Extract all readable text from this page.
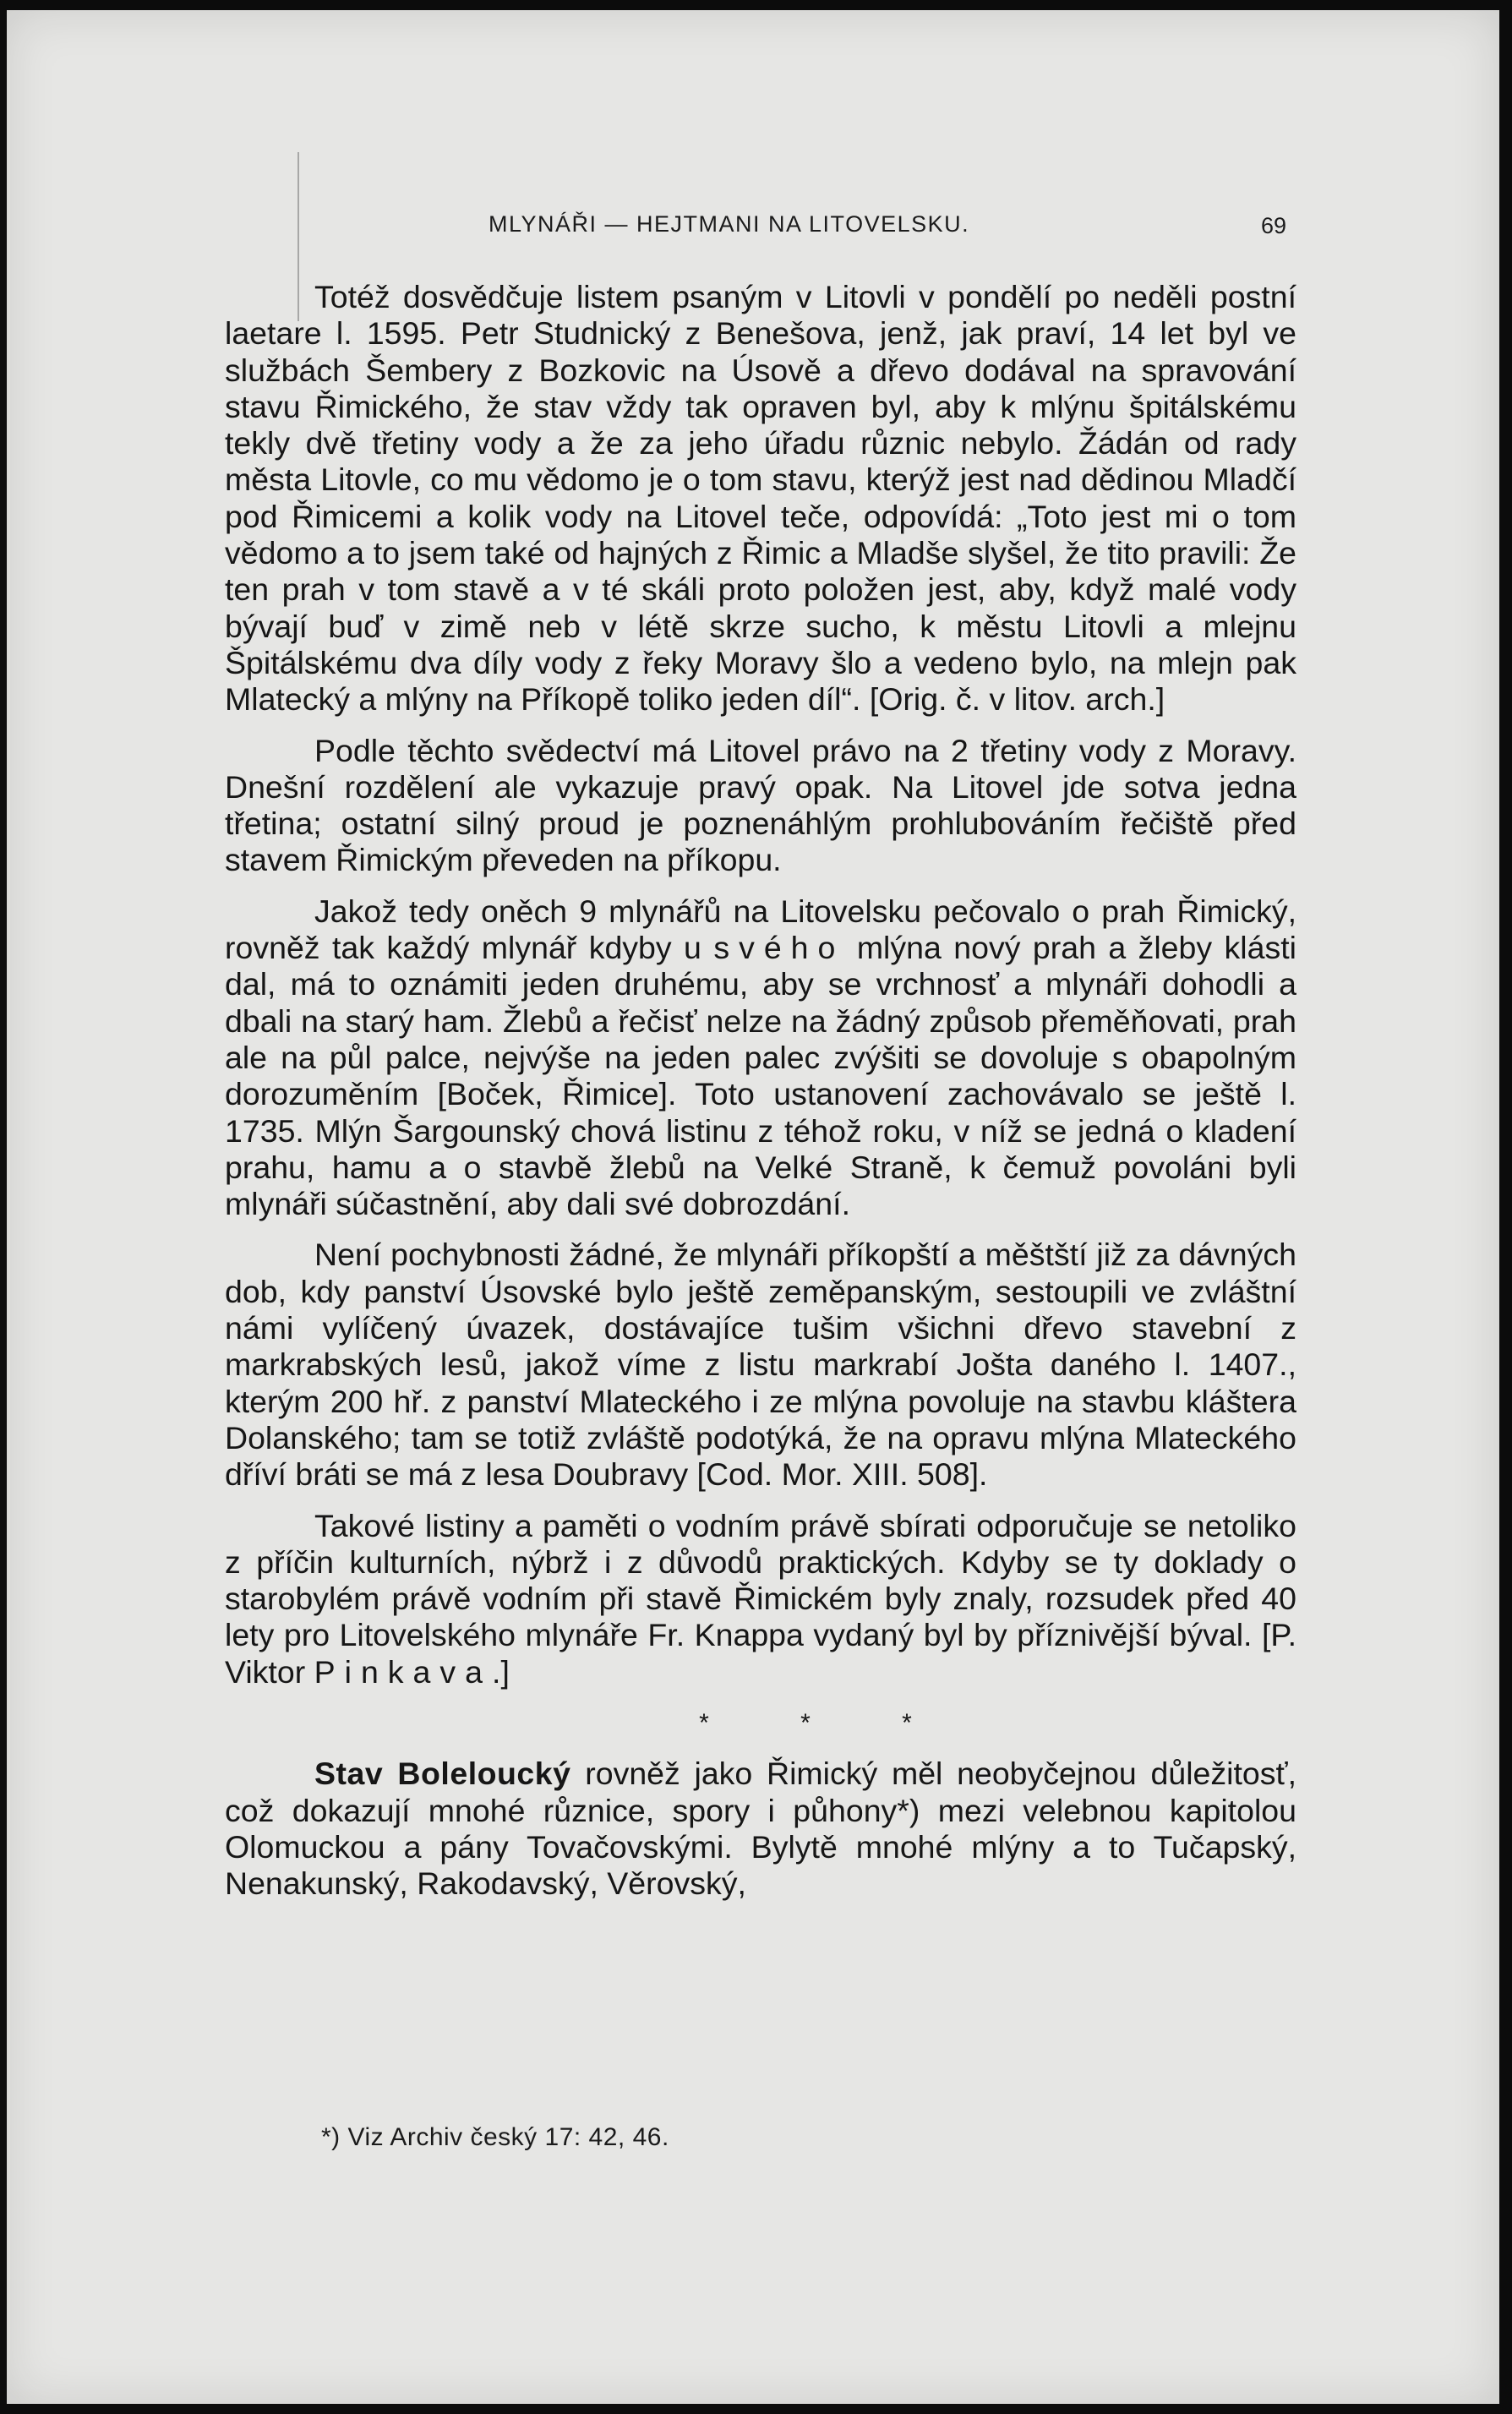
MLYNÁŘI — HEJTMANI NA LITOVELSKU.	69

Totéž dosvědčuje listem psaným v Litovli v pondělí po neděli postní laetare l. 1595. Petr Studnický z Benešova, jenž, jak praví, 14 let byl ve službách Šembery z Bozkovic na Úsově a dřevo dodával na spravování stavu Řimického, že stav vždy tak opraven byl, aby k mlýnu špitálskému tekly dvě třetiny vody a že za jeho úřadu různic nebylo. Žádán od rady města Litovle, co mu vědomo je o tom stavu, kterýž jest nad dědinou Mladčí pod Řimicemi a kolik vody na Litovel teče, odpovídá: „Toto jest mi o tom vědomo a to jsem také od hajných z Řimic a Mladše slyšel, že tito pravili: Že ten prah v tom stavě a v té skáli proto položen jest, aby, když malé vody bývají buď v zimě neb v létě skrze sucho, k městu Litovli a mlejnu Špitálskému dva díly vody z řeky Moravy šlo a vedeno bylo, na mlejn pak Mlatecký a mlýny na Příkopě toliko jeden díl“. [Orig. č. v litov. arch.]

Podle těchto svědectví má Litovel právo na 2 třetiny vody z Moravy. Dnešní rozdělení ale vykazuje pravý opak. Na Litovel jde sotva jedna třetina; ostatní silný proud je poznenáhlým prohlubováním řečiště před stavem Řimickým převeden na příkopu.

Jakož tedy oněch 9 mlynářů na Litovelsku pečovalo o prah Řimický, rovněž tak každý mlynář kdyby u svého mlýna nový prah a žleby klásti dal, má to oznámiti jeden druhému, aby se vrchnosť a mlynáři dohodli a dbali na starý ham. Žlebů a řečisť nelze na žádný způsob přeměňovati, prah ale na půl palce, nejvýše na jeden palec zvýšiti se dovoluje s obapolným dorozuměním [Boček, Řimice]. Toto ustanovení zachovávalo se ještě l. 1735. Mlýn Šargounský chová listinu z téhož roku, v níž se jedná o kladení prahu, hamu a o stavbě žlebů na Velké Straně, k čemuž povoláni byli mlynáři súčastnění, aby dali své dobrozdání.

Není pochybnosti žádné, že mlynáři příkopští a měštští již za dávných dob, kdy panství Úsovské bylo ještě zeměpanským, sestoupili ve zvláštní námi vylíčený úvazek, dostávajíce tušim všichni dřevo stavební z markrabských lesů, jakož víme z listu markrabí Jošta daného l. 1407., kterým 200 hř. z panství Mlateckého i ze mlýna povoluje na stavbu kláštera Dolanského; tam se totiž zvláště podotýká, že na opravu mlýna Mlateckého dříví bráti se má z lesa Doubravy [Cod. Mor. XIII. 508].

Takové listiny a paměti o vodním právě sbírati odporučuje se netoliko z příčin kulturních, nýbrž i z důvodů praktických. Kdyby se ty doklady o starobylém právě vodním při stavě Řimickém byly znaly, rozsudek před 40 lety pro Litovelského mlynáře Fr. Knappa vydaný byl by příznivější býval. [P. Viktor Pinkava.]

* * *

Stav Boleloucký rovněž jako Řimický měl neobyčejnou důležitosť, což dokazují mnohé různice, spory i půhony*) mezi velebnou kapitolou Olomuckou a pány Tovačovskými. Bylytě mnohé mlýny a to Tučapský, Nenakunský, Rakodavský, Věrovský,

*) Viz Archiv český 17: 42, 46.
